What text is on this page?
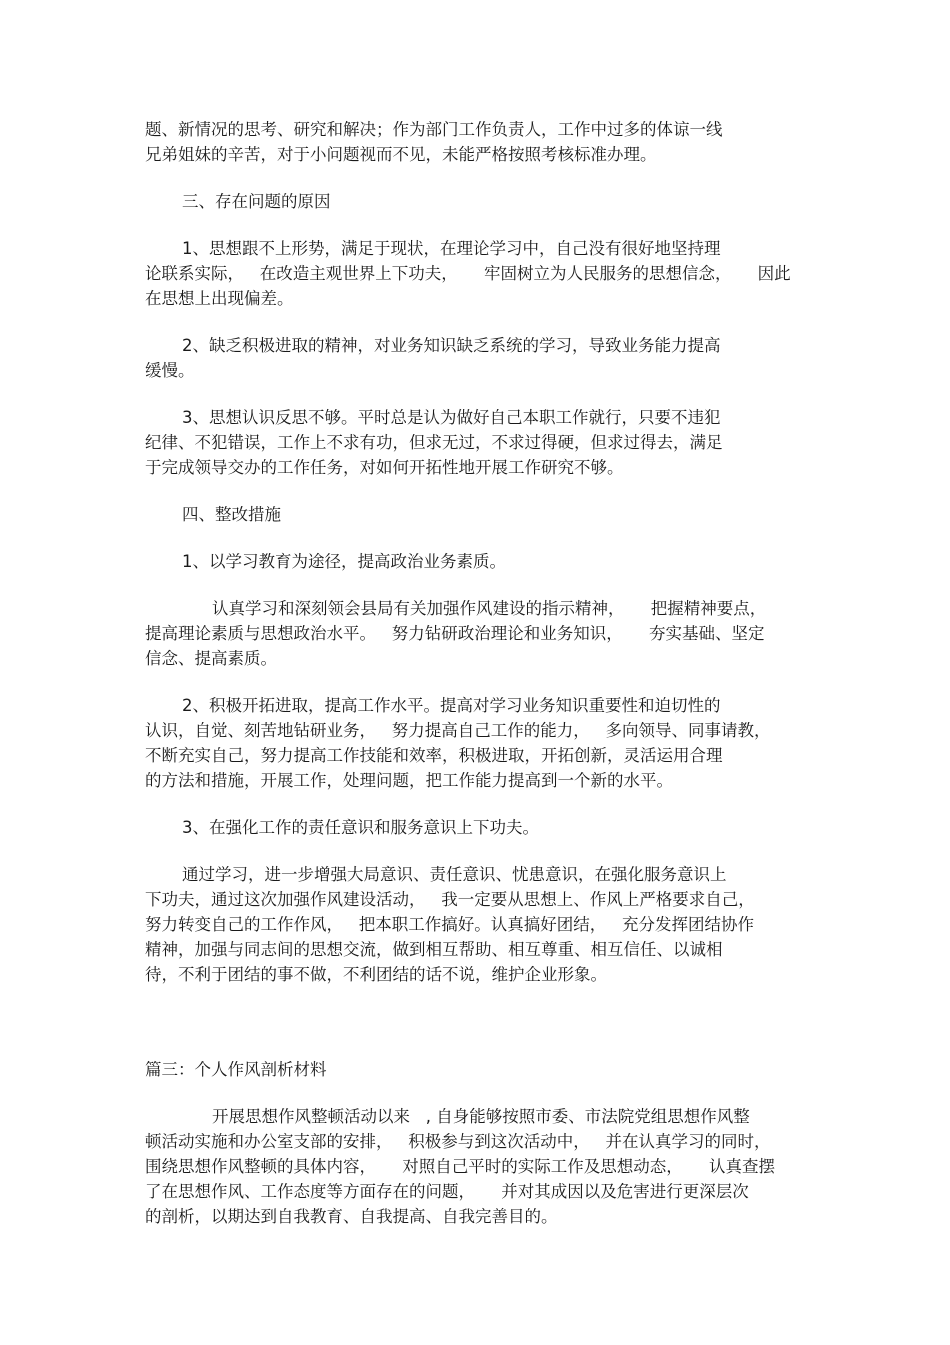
题、新情况的思考、研究和解决；作为部门工作负责人，工作中过多的体谅一线
兄弟姐妹的辛苦，对于小问题视而不见，未能严格按照考核标准办理。
三、存在问题的原因
1、思想跟不上形势，满足于现状，在理论学习中，自己没有很好地坚持理
论联系实际，   在改造主观世界上下功夫，     牢固树立为人民服务的思想信念，     因此
在思想上出现偏差。
2、缺乏积极进取的精神，对业务知识缺乏系统的学习，导致业务能力提高
缓慢。
3、思想认识反思不够。平时总是认为做好自己本职工作就行，只要不违犯
纪律、不犯错误，工作上不求有功，但求无过，不求过得硬，但求过得去，满足
于完成领导交办的工作任务，对如何开拓性地开展工作研究不够。
四、整改措施
1、以学习教育为途径，提高政治业务素质。
认真学习和深刻领会县局有关加强作风建设的指示精神，     把握精神要点，
提高理论素质与思想政治水平。   努力钻研政治理论和业务知识，     夯实基础、坚定
信念、提高素质。
2、积极开拓进取，提高工作水平。提高对学习业务知识重要性和迫切性的
认识，自觉、刻苦地钻研业务，   努力提高自己工作的能力，   多向领导、同事请教，
不断充实自己，努力提高工作技能和效率，积极进取，开拓创新，灵活运用合理
的方法和措施，开展工作，处理问题，把工作能力提高到一个新的水平。
3、在强化工作的责任意识和服务意识上下功夫。
通过学习，进一步增强大局意识、责任意识、忧患意识，在强化服务意识上
下功夫，通过这次加强作风建设活动，   我一定要从思想上、作风上严格要求自己，
努力转变自己的工作作风，   把本职工作搞好。认真搞好团结，   充分发挥团结协作
精神，加强与同志间的思想交流，做到相互帮助、相互尊重、相互信任、以诚相
待，不利于团结的事不做，不利团结的话不说，维护企业形象。
篇三：个人作风剖析材料
开展思想作风整顿活动以来   , 自身能够按照市委、市法院党组思想作风整
顿活动实施和办公室支部的安排，   积极参与到这次活动中，   并在认真学习的同时，
围绕思想作风整顿的具体内容，     对照自己平时的实际工作及思想动态，     认真查摆
了在思想作风、工作态度等方面存在的问题，     并对其成因以及危害进行更深层次
的剖析，以期达到自我教育、自我提高、自我完善目的。
